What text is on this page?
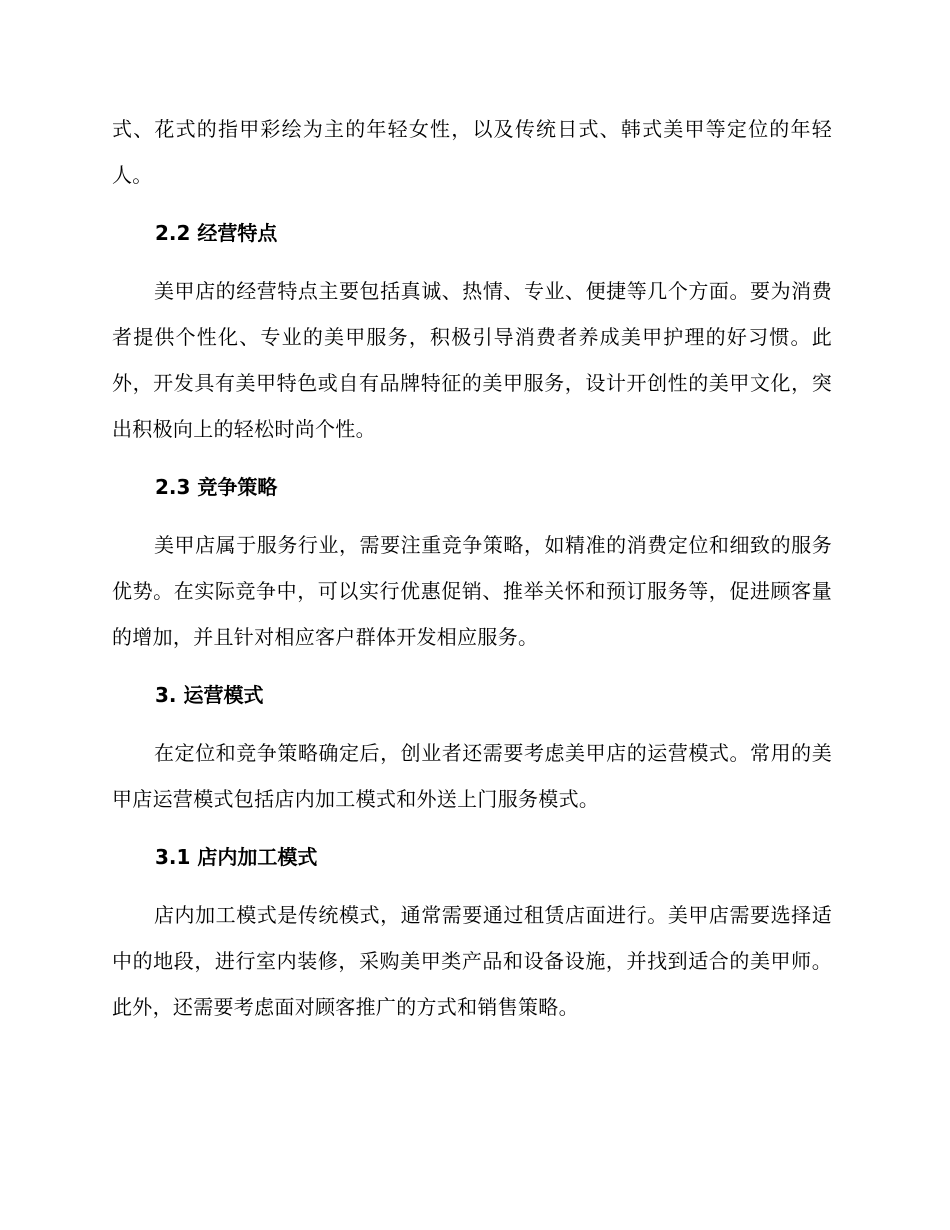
式、花式的指甲彩绘为主的年轻女性，以及传统日式、韩式美甲等定位的年轻人。

2.2 经营特点

美甲店的经营特点主要包括真诚、热情、专业、便捷等几个方面。要为消费者提供个性化、专业的美甲服务，积极引导消费者养成美甲护理的好习惯。此外，开发具有美甲特色或自有品牌特征的美甲服务，设计开创性的美甲文化，突出积极向上的轻松时尚个性。

2.3 竞争策略

美甲店属于服务行业，需要注重竞争策略，如精准的消费定位和细致的服务优势。在实际竞争中，可以实行优惠促销、推举关怀和预订服务等，促进顾客量的增加，并且针对相应客户群体开发相应服务。

3. 运营模式

在定位和竞争策略确定后，创业者还需要考虑美甲店的运营模式。常用的美甲店运营模式包括店内加工模式和外送上门服务模式。

3.1 店内加工模式

店内加工模式是传统模式，通常需要通过租赁店面进行。美甲店需要选择适中的地段，进行室内装修，采购美甲类产品和设备设施，并找到适合的美甲师。此外，还需要考虑面对顾客推广的方式和销售策略。
